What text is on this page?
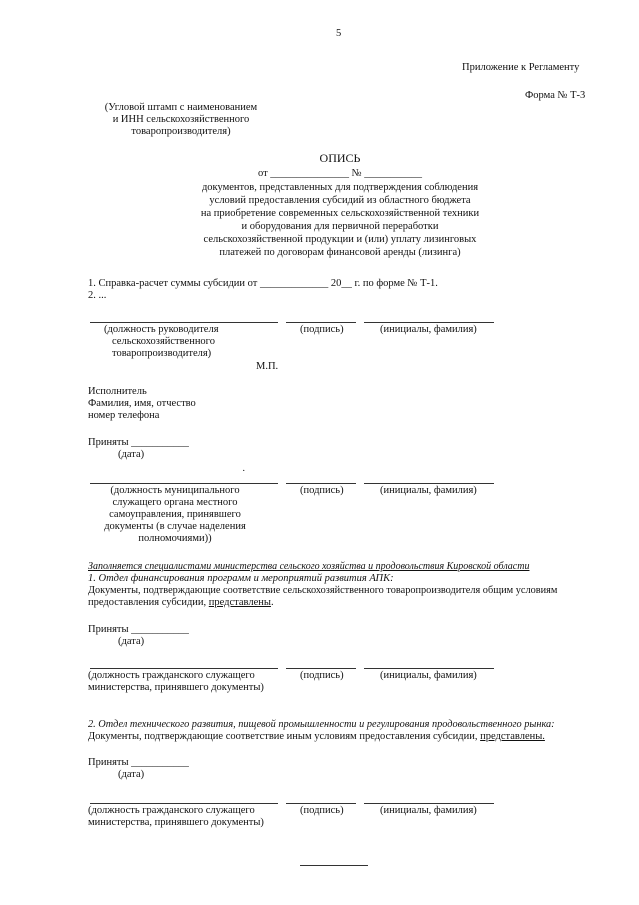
5
Приложение к Регламенту
Форма № Т-3
(Угловой штамп с наименованием
и ИНН сельскохозяйственного
товаропроизводителя)
ОПИСЬ
от _______________ № ___________
документов, представленных для подтверждения соблюдения
условий предоставления субсидий из областного бюджета
на приобретение современных сельскохозяйственной техники
и оборудования для первичной переработки
сельскохозяйственной продукции и (или) уплату лизинговых
платежей по договорам финансовой аренды (лизинга)
1. Справка-расчет суммы субсидии от _____________ 20__ г. по форме № Т-1.
2. ...
(должность руководителя
сельскохозяйственного
товаропроизводителя)
(подпись)	(инициалы, фамилия)
М.П.
Исполнитель
Фамилия, имя, отчество
номер телефона
Приняты ___________
(дата)
·
(должность муниципального
служащего органа местного
самоуправления, принявшего
документы (в случае наделения
полномочиями))
(подпись)	(инициалы, фамилия)
Заполняется специалистами министерства сельского хозяйства и продовольствия Кировской области
1. Отдел финансирования программ и мероприятий развития АПК:
Документы, подтверждающие соответствие сельскохозяйственного товаропроизводителя общим условиям
предоставления субсидии, представлены.
Приняты ___________
(дата)
(должность гражданского служащего
министерства, принявшего документы)
(подпись)	(инициалы, фамилия)
2. Отдел технического развития, пищевой промышленности и регулирования продовольственного рынка:
Документы, подтверждающие соответствие иным условиям предоставления субсидии, представлены.
Приняты ___________
(дата)
(должность гражданского служащего
министерства, принявшего документы)
(подпись)	(инициалы, фамилия)
